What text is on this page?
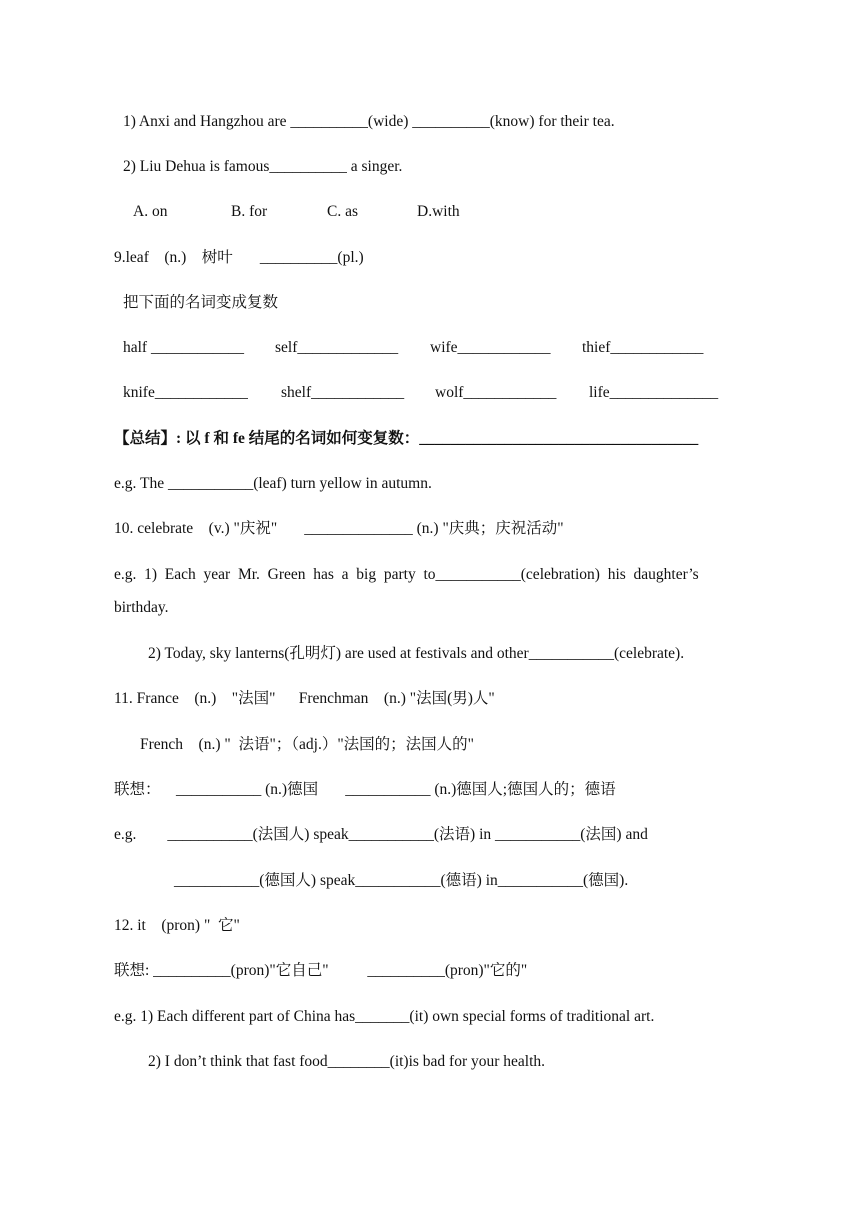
1) Anxi and Hangzhou are __________(wide) __________(know) for their tea.
2) Liu Dehua is famous__________ a singer.
A. on	B. for	C. as	D.with
9.leaf    (n.)    树叶       __________(pl.)
把下面的名词变成复数
half ____________ self_____________ wife____________ thief____________
knife____________ shelf____________ wolf____________ life______________
【总结】: 以 f 和 fe 结尾的名词如何变复数：____________________________________
e.g. The ___________(leaf) turn yellow in autumn.
10. celebrate    (v.) "庆祝"       ______________ (n.) "庆典；庆祝活动"
e.g.  1)  Each  year  Mr.  Green  has  a  big  party  to___________(celebration)  his  daughter’s
birthday.
2) Today, sky lanterns(孔明灯) are used at festivals and other___________(celebrate).
11. France    (n.)    "法国"      Frenchman    (n.) "法国(男)人"
French    (n.) "  法语"；（adj.）"法国的；法国人的"
联想：    ___________ (n.)德国       ___________ (n.)德国人;德国人的；德语
e.g.        ___________(法国人) speak___________(法语) in ___________(法国) and
___________(德国人) speak___________(德语) in___________(德国).
12. it    (pron) "  它"
联想: __________(pron)"它自己"          __________(pron)"它的"
e.g. 1) Each different part of China has_______(it) own special forms of traditional art.
2) I don’t think that fast food________(it)is bad for your health.
